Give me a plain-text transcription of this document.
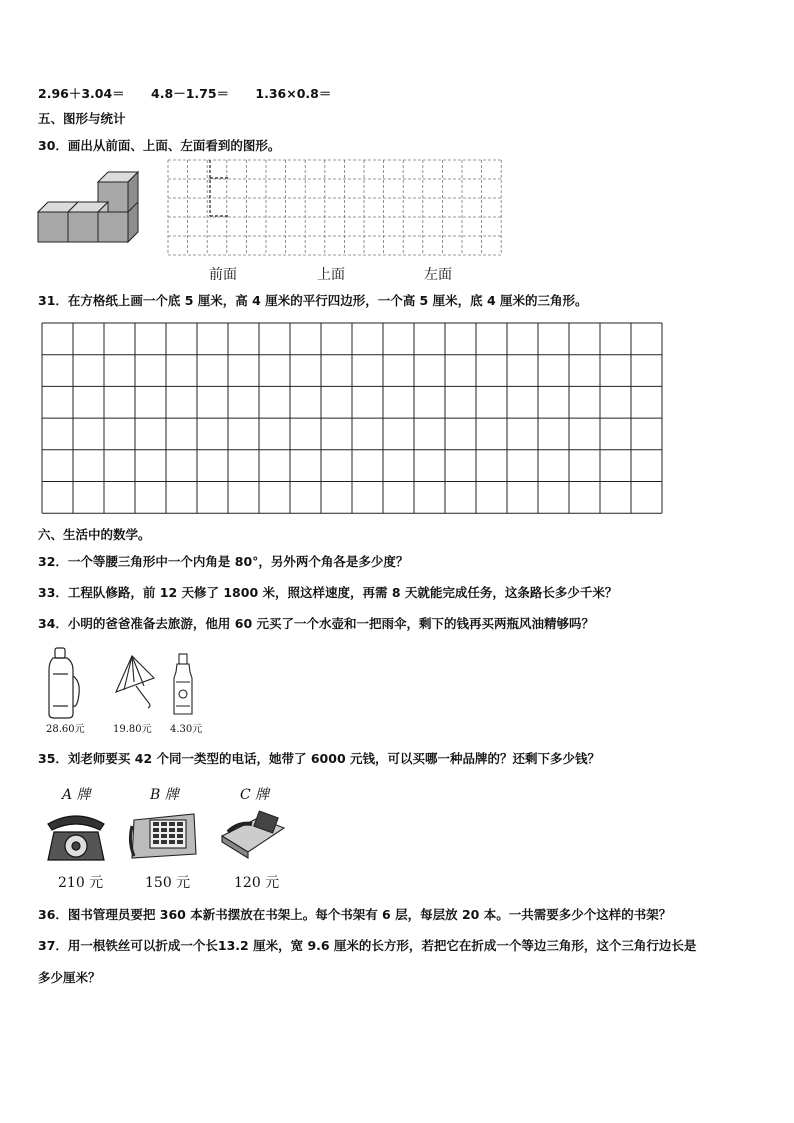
2.96＋3.04＝ 4.8－1.75＝ 1.36×0.8＝
五、图形与统计
30．画出从前面、上面、左面看到的图形。
前面	上面	左面
31．在方格纸上画一个底 5 厘米，高 4 厘米的平行四边形，一个高 5 厘米，底 4 厘米的三角形。
六、生活中的数学。
32．一个等腰三角形中一个内角是 80°，另外两个角各是多少度？
33．工程队修路，前 12 天修了 1800 米，照这样速度，再需 8 天就能完成任务，这条路长多少千米？
34．小明的爸爸准备去旅游，他用 60 元买了一个水壶和一把雨伞，剩下的钱再买两瓶风油精够吗？
28.60元	19.80元 4.30元
35．刘老师要买 42 个同一类型的电话，她带了 6000 元钱，可以买哪一种品牌的？还剩下多少钱？
A 牌	B 牌	C 牌
210 元	150 元	120 元
36．图书管理员要把 360 本新书摆放在书架上。每个书架有 6 层，每层放 20 本。一共需要多少个这样的书架？
37．用一根铁丝可以折成一个长13.2 厘米，宽 9.6 厘米的长方形，若把它在折成一个等边三角形，这个三角行边长是
多少厘米？
